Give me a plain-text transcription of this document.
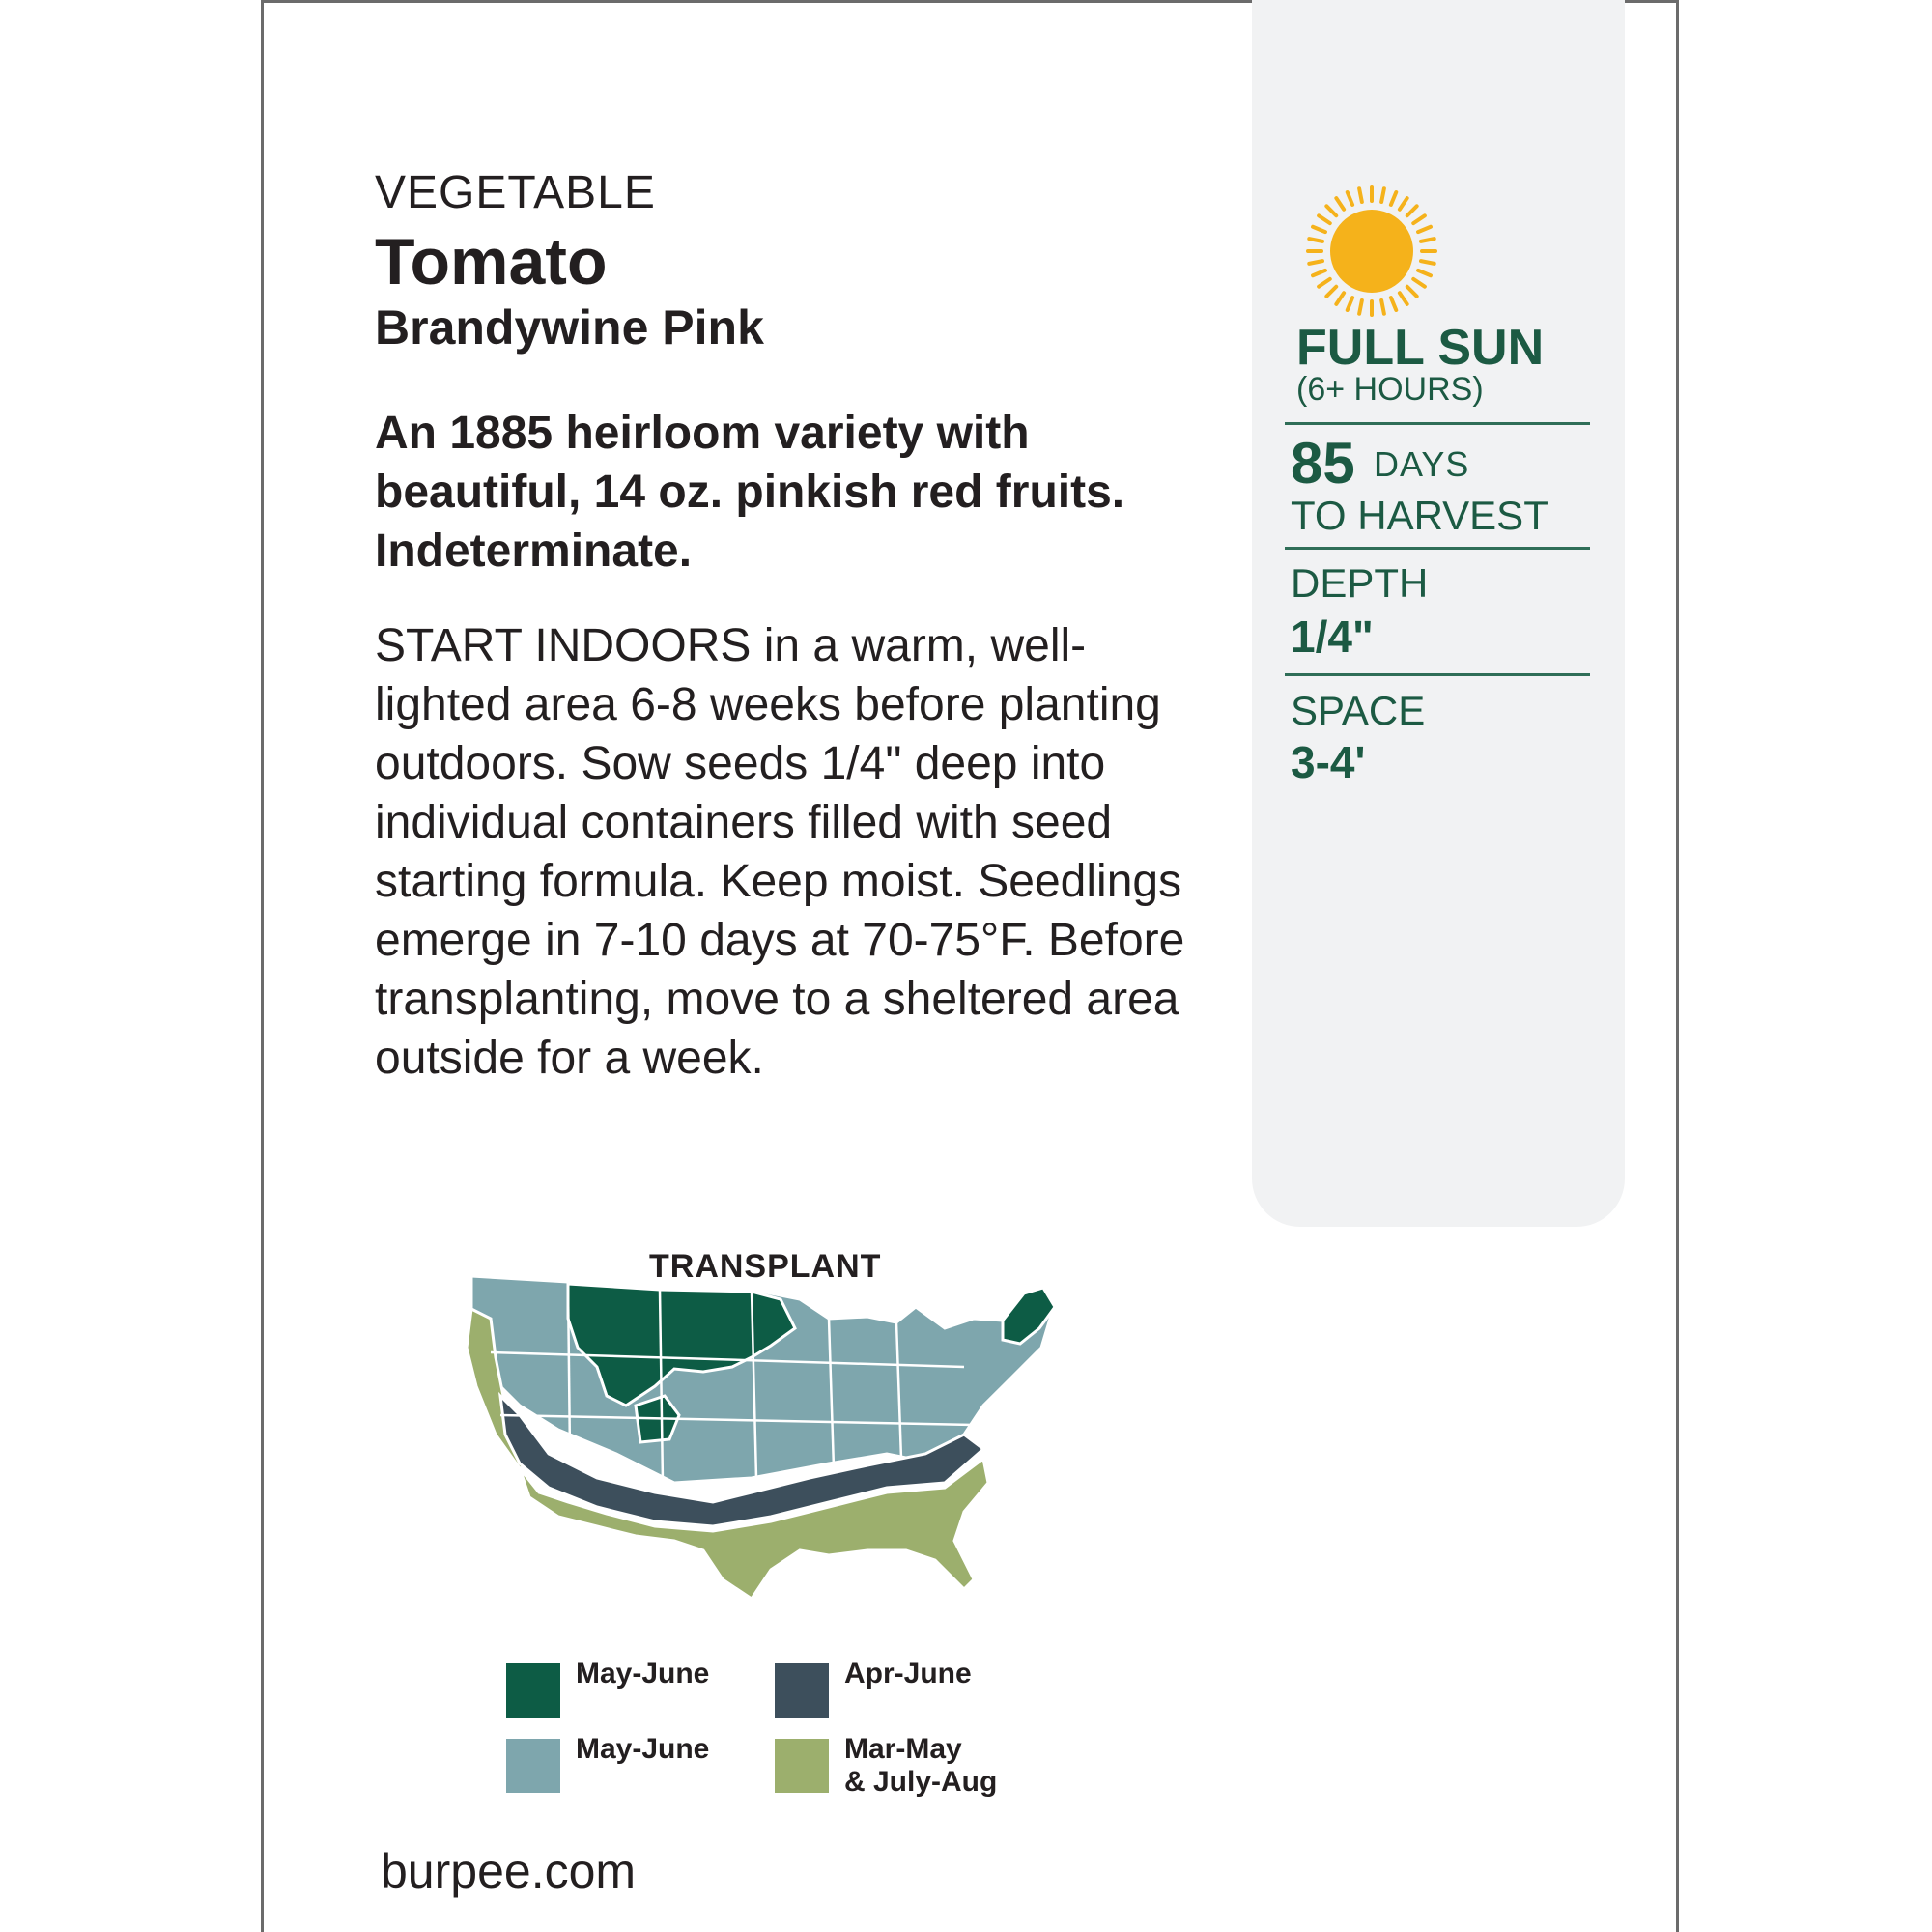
VEGETABLE
Tomato
Brandywine Pink
An 1885 heirloom variety with beautiful, 14 oz. pinkish red fruits. Indeterminate.
START INDOORS in a warm, well-lighted area 6-8 weeks before planting outdoors. Sow seeds 1/4" deep into individual containers filled with seed starting formula. Keep moist. Seedlings emerge in 7-10 days at 70-75°F. Before transplanting, move to a sheltered area outside for a week.
FULL SUN
(6+ HOURS)
85 DAYS
TO HARVEST
DEPTH
1/4"
SPACE
3-4'
TRANSPLANT
May-June	Apr-June
May-June	Mar-May
& July-Aug
burpee.com
